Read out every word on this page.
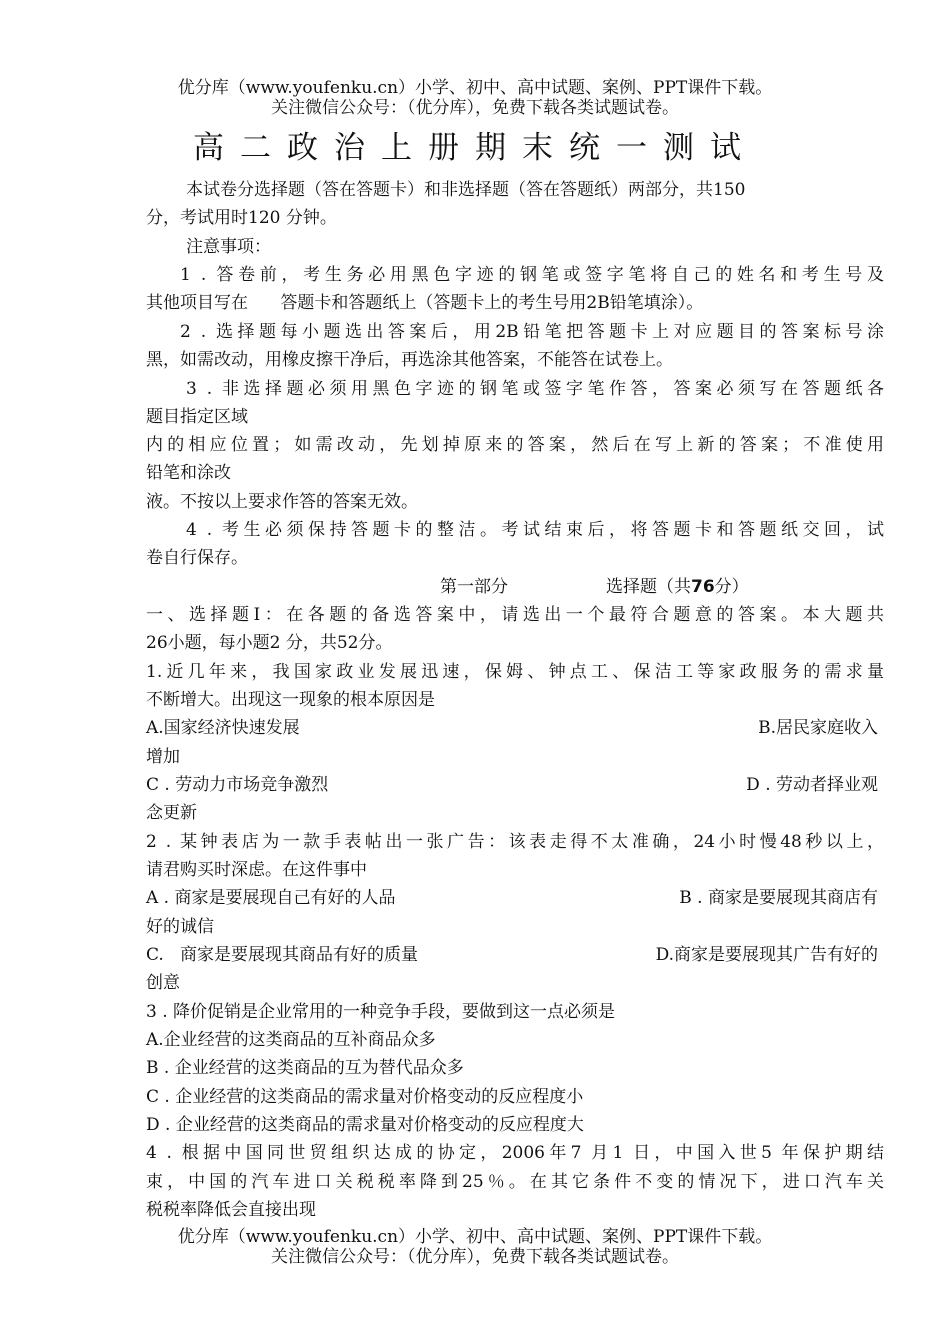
优分库（www.youfenku.cn）小学、初中、高中试题、案例、PPT课件下载。
关注微信公众号：（优分库），免费下载各类试题试卷。
高二政治上册期末统一测试
本试卷分选择题（答在答题卡）和非选择题（答在答题纸）两部分，共150
分，考试用时120 分钟。
注意事项：
1 . 答卷前，考生务必用黑色字迹的钢笔或签字笔将自己的姓名和考生号及
其他项目写在      答题卡和答题纸上（答题卡上的考生号用2B铅笔填涂）。
2 . 选择题每小题选出答案后，用2B铅笔把答题卡上对应题目的答案标号涂
黑，如需改动，用橡皮擦干净后，再选涂其他答案，不能答在试卷上。
3 . 非选择题必须用黑色字迹的钢笔或签字笔作答，答案必须写在答题纸各
题目指定区域
内的相应位置；如需改动，先划掉原来的答案，然后在写上新的答案；不准使用
铅笔和涂改
液。不按以上要求作答的答案无效。
4 . 考生必须保持答题卡的整洁。考试结束后，将答题卡和答题纸交回，试
卷自行保存。
第一部分	选择题（共76分）
一、选择题Ⅰ：在各题的备选答案中，请选出一个最符合题意的答案。本大题共
26小题，每小题2 分，共52分。
1.近几年来，我国家政业发展迅速，保姆、钟点工、保洁工等家政服务的需求量
不断增大。出现这一现象的根本原因是
A.国家经济快速发展	B.居民家庭收入
增加
C . 劳动力市场竞争激烈	D . 劳动者择业观
念更新
2 . 某钟表店为一款手表帖出一张广告：该表走得不太准确，24小时慢48秒以上，
请君购买时深虑。在这件事中
A . 商家是要展现自己有好的人品	B . 商家是要展现其商店有
好的诚信
C.   商家是要展现其商品有好的质量	D.商家是要展现其广告有好的
创意
3 . 降价促销是企业常用的一种竞争手段，要做到这一点必须是
A.企业经营的这类商品的互补商品众多
B . 企业经营的这类商品的互为替代品众多
C . 企业经营的这类商品的需求量对价格变动的反应程度小
D . 企业经营的这类商品的需求量对价格变动的反应程度大
4 . 根据中国同世贸组织达成的协定，2006年7 月1 日，中国入世5 年保护期结
束，中国的汽车进口关税税率降到25％。在其它条件不变的情况下，进口汽车关
税税率降低会直接出现
优分库（www.youfenku.cn）小学、初中、高中试题、案例、PPT课件下载。
关注微信公众号：（优分库），免费下载各类试题试卷。
